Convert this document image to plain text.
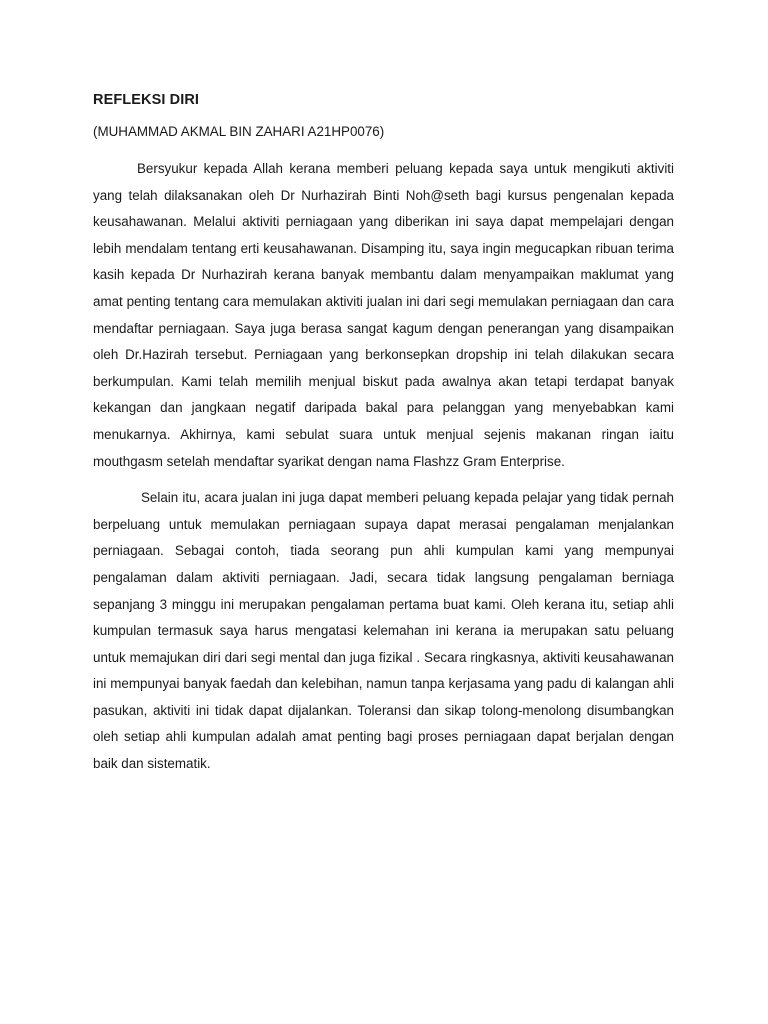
REFLEKSI DIRI

(MUHAMMAD AKMAL BIN ZAHARI A21HP0076)

Bersyukur kepada Allah kerana memberi peluang kepada saya untuk mengikuti aktiviti yang telah dilaksanakan oleh Dr Nurhazirah Binti Noh@seth bagi kursus pengenalan kepada keusahawanan. Melalui aktiviti perniagaan yang diberikan ini saya dapat mempelajari dengan lebih mendalam tentang erti keusahawanan. Disamping itu, saya ingin megucapkan ribuan terima kasih kepada Dr Nurhazirah kerana banyak membantu dalam menyampaikan maklumat yang amat penting tentang cara memulakan aktiviti jualan ini dari segi memulakan perniagaan dan cara mendaftar perniagaan. Saya juga berasa sangat kagum dengan penerangan yang disampaikan oleh Dr.Hazirah tersebut. Perniagaan yang berkonsepkan dropship ini telah dilakukan secara berkumpulan. Kami telah memilih menjual biskut pada awalnya akan tetapi terdapat banyak kekangan dan jangkaan negatif daripada bakal para pelanggan yang menyebabkan kami menukarnya. Akhirnya, kami sebulat suara untuk menjual sejenis makanan ringan iaitu mouthgasm setelah mendaftar syarikat dengan nama Flashzz Gram Enterprise.

Selain itu, acara jualan ini juga dapat memberi peluang kepada pelajar yang tidak pernah berpeluang untuk memulakan perniagaan supaya dapat merasai pengalaman menjalankan perniagaan. Sebagai contoh, tiada seorang pun ahli kumpulan kami yang mempunyai pengalaman dalam aktiviti perniagaan. Jadi, secara tidak langsung pengalaman berniaga sepanjang 3 minggu ini merupakan pengalaman pertama buat kami. Oleh kerana itu, setiap ahli kumpulan termasuk saya harus mengatasi kelemahan ini kerana ia merupakan satu peluang untuk memajukan diri dari segi mental dan juga fizikal . Secara ringkasnya, aktiviti keusahawanan ini mempunyai banyak faedah dan kelebihan, namun tanpa kerjasama yang padu di kalangan ahli pasukan, aktiviti ini tidak dapat dijalankan. Toleransi dan sikap tolong-menolong disumbangkan oleh setiap ahli kumpulan adalah amat penting bagi proses perniagaan dapat berjalan dengan baik dan sistematik.
